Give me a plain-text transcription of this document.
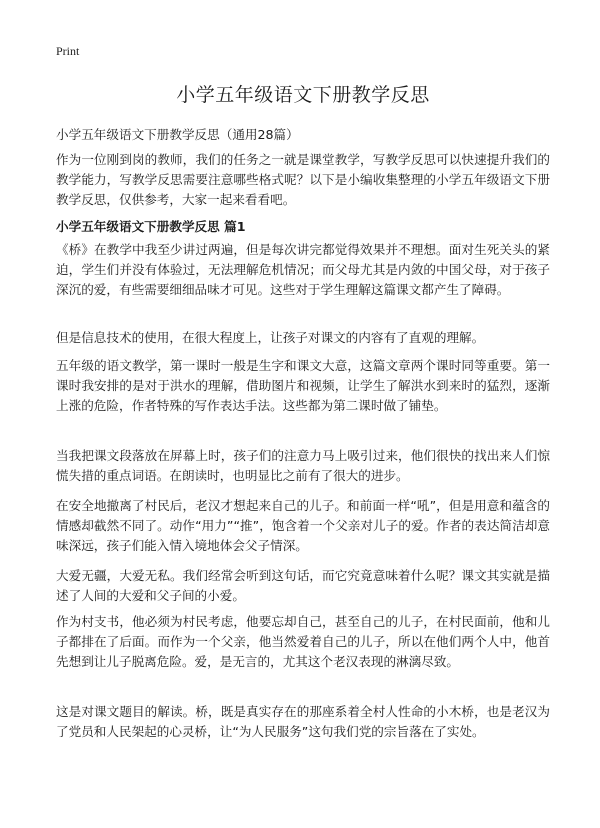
Print
小学五年级语文下册教学反思

小学五年级语文下册教学反思（通用28篇）

作为一位刚到岗的教师，我们的任务之一就是课堂教学，写教学反思可以快速提升我们的教学能力，写教学反思需要注意哪些格式呢？以下是小编收集整理的小学五年级语文下册教学反思，仅供参考，大家一起来看看吧。

小学五年级语文下册教学反思 篇1

《桥》在教学中我至少讲过两遍，但是每次讲完都觉得效果并不理想。面对生死关头的紧迫，学生们并没有体验过，无法理解危机情况；而父母尤其是内敛的中国父母，对于孩子深沉的爱，有些需要细细品味才可见。这些对于学生理解这篇课文都产生了障碍。

但是信息技术的使用，在很大程度上，让孩子对课文的内容有了直观的理解。

五年级的语文教学，第一课时一般是生字和课文大意，这篇文章两个课时同等重要。第一课时我安排的是对于洪水的理解，借助图片和视频，让学生了解洪水到来时的猛烈，逐渐上涨的危险，作者特殊的写作表达手法。这些都为第二课时做了铺垫。

当我把课文段落放在屏幕上时，孩子们的注意力马上吸引过来，他们很快的找出来人们惊慌失措的重点词语。在朗读时，也明显比之前有了很大的进步。

在安全地撤离了村民后，老汉才想起来自己的儿子。和前面一样“吼”，但是用意和蕴含的情感却截然不同了。动作“用力”“推”，饱含着一个父亲对儿子的爱。作者的表达简洁却意味深远，孩子们能入情入境地体会父子情深。

大爱无疆，大爱无私。我们经常会听到这句话，而它究竟意味着什么呢？课文其实就是描述了人间的大爱和父子间的小爱。

作为村支书，他必须为村民考虑，他要忘却自己，甚至自己的儿子，在村民面前，他和儿子都排在了后面。而作为一个父亲，他当然爱着自己的儿子，所以在他们两个人中，他首先想到让儿子脱离危险。爱，是无言的，尤其这个老汉表现的淋漓尽致。

这是对课文题目的解读。桥，既是真实存在的那座系着全村人性命的小木桥，也是老汉为了党员和人民架起的心灵桥，让“为人民服务”这句我们党的宗旨落在了实处。
